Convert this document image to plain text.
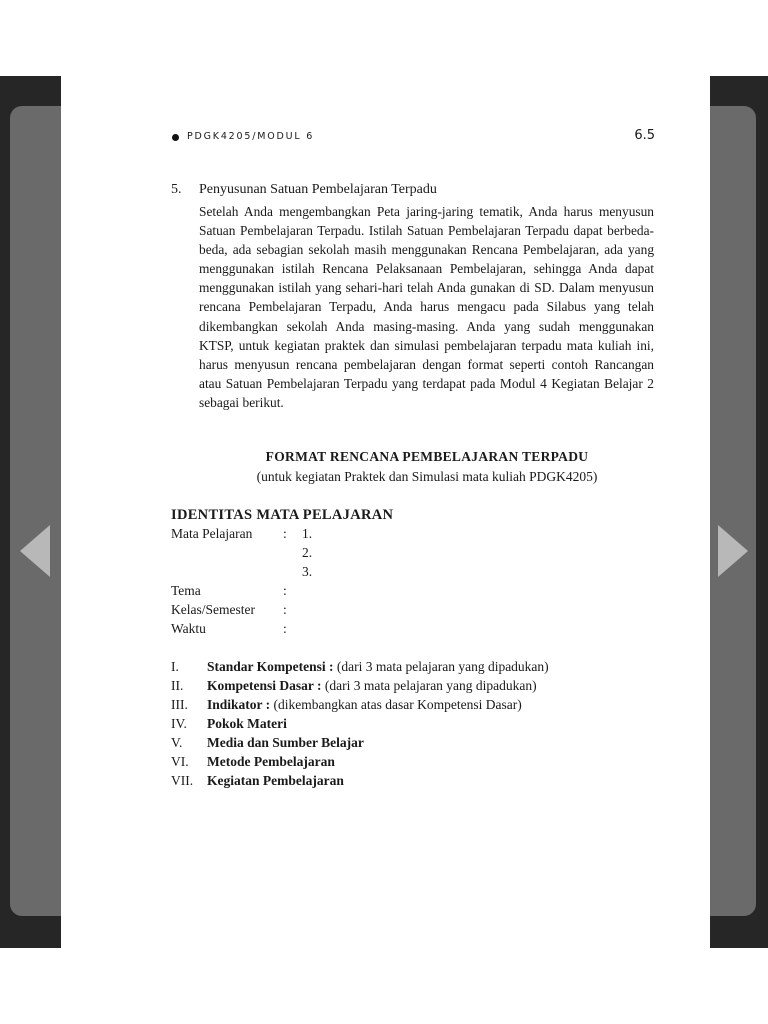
PDGK4205/MODUL 6	6.5
5. Penyusunan Satuan Pembelajaran Terpadu
Setelah Anda mengembangkan Peta jaring-jaring tematik, Anda harus menyusun Satuan Pembelajaran Terpadu. Istilah Satuan Pembelajaran Terpadu dapat berbeda-beda, ada sebagian sekolah masih menggunakan Rencana Pembelajaran, ada yang menggunakan istilah Rencana Pelaksanaan Pembelajaran, sehingga Anda dapat menggunakan istilah yang sehari-hari telah Anda gunakan di SD. Dalam menyusun rencana Pembelajaran Terpadu, Anda harus mengacu pada Silabus yang telah dikembangkan sekolah Anda masing-masing. Anda yang sudah menggunakan KTSP, untuk kegiatan praktek dan simulasi pembelajaran terpadu mata kuliah ini, harus menyusun rencana pembelajaran dengan format seperti contoh Rancangan atau Satuan Pembelajaran Terpadu yang terdapat pada Modul 4 Kegiatan Belajar 2 sebagai berikut.
FORMAT RENCANA PEMBELAJARAN TERPADU
(untuk kegiatan Praktek dan Simulasi mata kuliah PDGK4205)
IDENTITAS MATA PELAJARAN
Mata Pelajaran : 1.
2.
3.
Tema	:
Kelas/Semester :
Waktu	:
I. Standar Kompetensi : (dari 3 mata pelajaran yang dipadukan)
II. Kompetensi Dasar : (dari 3 mata pelajaran yang dipadukan)
III. Indikator : (dikembangkan atas dasar Kompetensi Dasar)
IV. Pokok Materi
V. Media dan Sumber Belajar
VI. Metode Pembelajaran
VII. Kegiatan Pembelajaran
